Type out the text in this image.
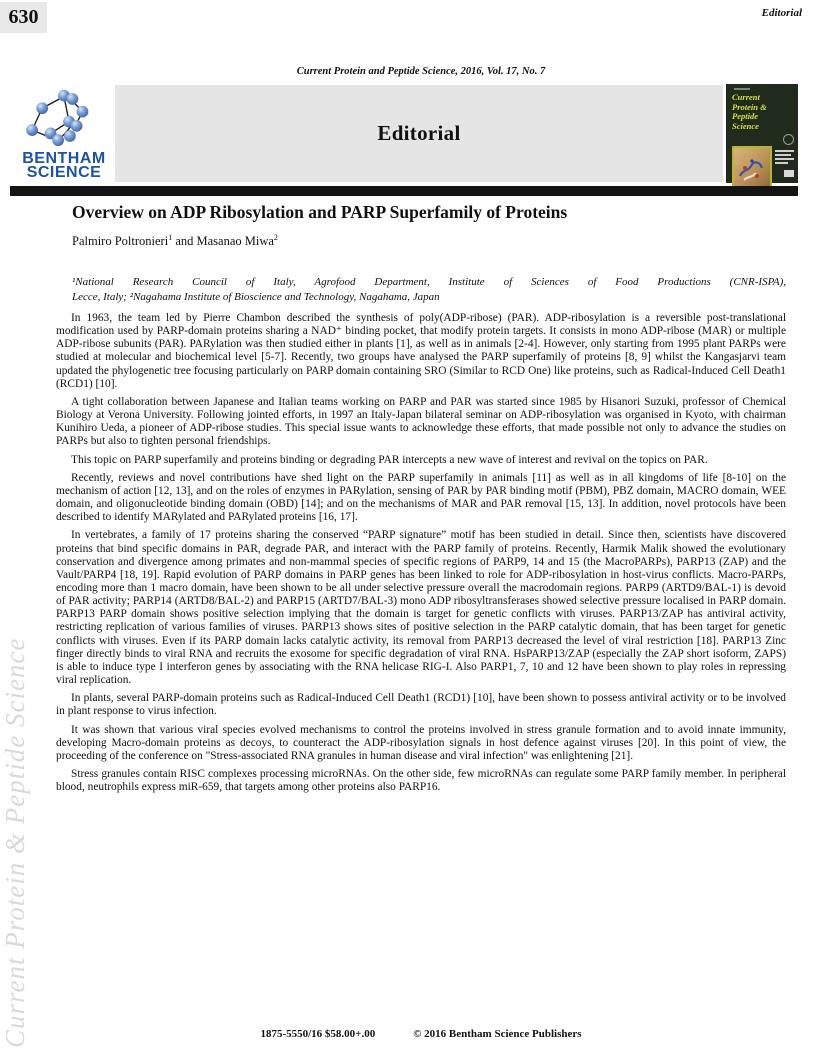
630	Editorial
Current Protein and Peptide Science, 2016, Vol. 17, No. 7
BENTHAM
SCIENCE
Editorial
Current
Protein & Peptide
Science
Overview on ADP Ribosylation and PARP Superfamily of Proteins
Palmiro Poltronieri$^1$ and Masanao Miwa$^2$
¹National Research Council of Italy, Agrofood Department, Institute of Sciences of Food Productions (CNR-ISPA),
Lecce, Italy; ²Nagahama Institute of Bioscience and Technology, Nagahama, Japan

In 1963, the team led by Pierre Chambon described the synthesis of poly(ADP-ribose) (PAR). ADP-ribosylation is a reversible post-translational modification used by PARP-domain proteins sharing a NAD⁺ binding pocket, that modify protein targets. It consists in mono ADP-ribose (MAR) or multiple ADP-ribose subunits (PAR). PARylation was then studied either in plants [1], as well as in animals [2-4]. However, only starting from 1995 plant PARPs were studied at molecular and biochemical level [5-7]. Recently, two groups have analysed the PARP superfamily of proteins [8, 9] whilst the Kangasjarvi team updated the phylogenetic tree focusing particularly on PARP domain containing SRO (Similar to RCD One) like proteins, such as Radical-Induced Cell Death1 (RCD1) [10].

A tight collaboration between Japanese and Italian teams working on PARP and PAR was started since 1985 by Hisanori Suzuki, professor of Chemical Biology at Verona University. Following jointed efforts, in 1997 an Italy-Japan bilateral seminar on ADP-ribosylation was organised in Kyoto, with chairman Kunihiro Ueda, a pioneer of ADP-ribose studies. This special issue wants to acknowledge these efforts, that made possible not only to advance the studies on PARPs but also to tighten personal friendships.

This topic on PARP superfamily and proteins binding or degrading PAR intercepts a new wave of interest and revival on the topics on PAR.

Recently, reviews and novel contributions have shed light on the PARP superfamily in animals [11] as well as in all kingdoms of life [8-10] on the mechanism of action [12, 13], and on the roles of enzymes in PARylation, sensing of PAR by PAR binding motif (PBM), PBZ domain, MACRO domain, WEE domain, and oligonucleotide binding domain (OBD) [14]; and on the mechanisms of MAR and PAR removal [15, 13]. In addition, novel protocols have been described to identify MARylated and PARylated proteins [16, 17].

In vertebrates, a family of 17 proteins sharing the conserved “PARP signature” motif has been studied in detail. Since then, scientists have discovered proteins that bind specific domains in PAR, degrade PAR, and interact with the PARP family of proteins. Recently, Harmik Malik showed the evolutionary conservation and divergence among primates and non-mammal species of specific regions of PARP9, 14 and 15 (the MacroPARPs), PARP13 (ZAP) and the Vault/PARP4 [18, 19]. Rapid evolution of PARP domains in PARP genes has been linked to role for ADP-ribosylation in host-virus conflicts. Macro-PARPs, encoding more than 1 macro domain, have been shown to be all under selective pressure overall the macrodomain regions. PARP9 (ARTD9/BAL-1) is devoid of PAR activity; PARP14 (ARTD8/BAL-2) and PARP15 (ARTD7/BAL-3) mono ADP ribosyltransferases showed selective pressure localised in PARP domain. PARP13 PARP domain shows positive selection implying that the domain is target for genetic conflicts with viruses. PARP13/ZAP has antiviral activity, restricting replication of various families of viruses. PARP13 shows sites of positive selection in the PARP catalytic domain, that has been target for genetic conflicts with viruses. Even if its PARP domain lacks catalytic activity, its removal from PARP13 decreased the level of viral restriction [18]. PARP13 Zinc finger directly binds to viral RNA and recruits the exosome for specific degradation of viral RNA. HsPARP13/ZAP (especially the ZAP short isoform, ZAPS) is able to induce type I interferon genes by associating with the RNA helicase RIG-I. Also PARP1, 7, 10 and 12 have been shown to play roles in repressing viral replication.

In plants, several PARP-domain proteins such as Radical-Induced Cell Death1 (RCD1) [10], have been shown to possess antiviral activity or to be involved in plant response to virus infection.

It was shown that various viral species evolved mechanisms to control the proteins involved in stress granule formation and to avoid innate immunity, developing Macro-domain proteins as decoys, to counteract the ADP-ribosylation signals in host defence against viruses [20]. In this point of view, the proceeding of the conference on "Stress-associated RNA granules in human disease and viral infection" was enlightening [21].

Stress granules contain RISC complexes processing microRNAs. On the other side, few microRNAs can regulate some PARP family member. In peripheral blood, neutrophils express miR-659, that targets among other proteins also PARP16.

Current Protein & Peptide Science	1875-5550/16 $58.00+.00	© 2016 Bentham Science Publishers
